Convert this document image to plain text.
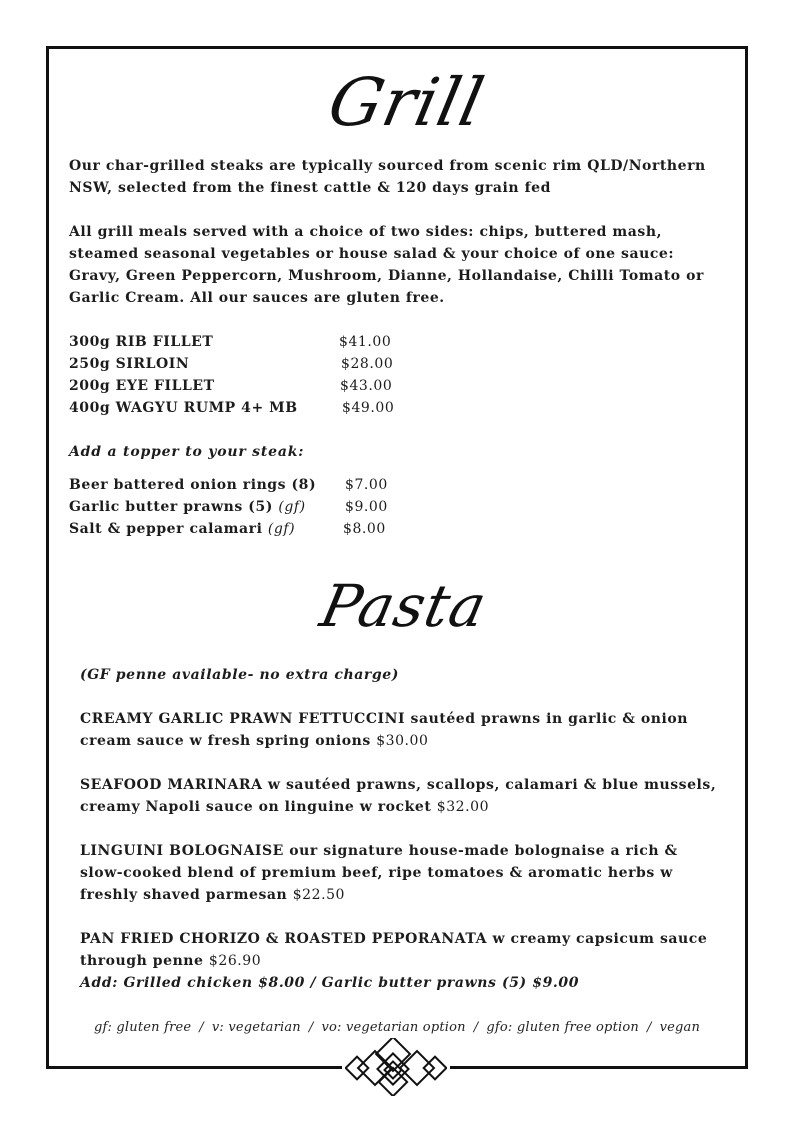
Grill

Our char-grilled steaks are typically sourced from scenic rim QLD/Northern NSW, selected from the finest cattle & 120 days grain fed

All grill meals served with a choice of two sides: chips, buttered mash, steamed seasonal vegetables or house salad & your choice of one sauce: Gravy, Green Peppercorn, Mushroom, Dianne, Hollandaise, Chilli Tomato or Garlic Cream. All our sauces are gluten free.

300g RIB FILLET	$41.00
250g SIRLOIN	$28.00
200g EYE FILLET	$43.00
400g WAGYU RUMP 4+ MB	$49.00
Add a topper to your steak:
Beer battered onion rings (8) $7.00
Garlic butter prawns (5) (gf)	$9.00
Salt & pepper calamari (gf)	$8.00
Pasta
(GF penne available- no extra charge)

CREAMY GARLIC PRAWN FETTUCCINI sautéed prawns in garlic & onion cream sauce w fresh spring onions $30.00

SEAFOOD MARINARA w sautéed prawns, scallops, calamari & blue mussels, creamy Napoli sauce on linguine w rocket $32.00

LINGUINI BOLOGNAISE our signature house-made bolognaise a rich & slow-cooked blend of premium beef, ripe tomatoes & aromatic herbs w freshly shaved parmesan $22.50

PAN FRIED CHORIZO & ROASTED PEPORANATA w creamy capsicum sauce through penne $26.90

Add: Grilled chicken $8.00 / Garlic butter prawns (5) $9.00
gf: gluten free / v: vegetarian / vo: vegetarian option / gfo: gluten free option / vegan
